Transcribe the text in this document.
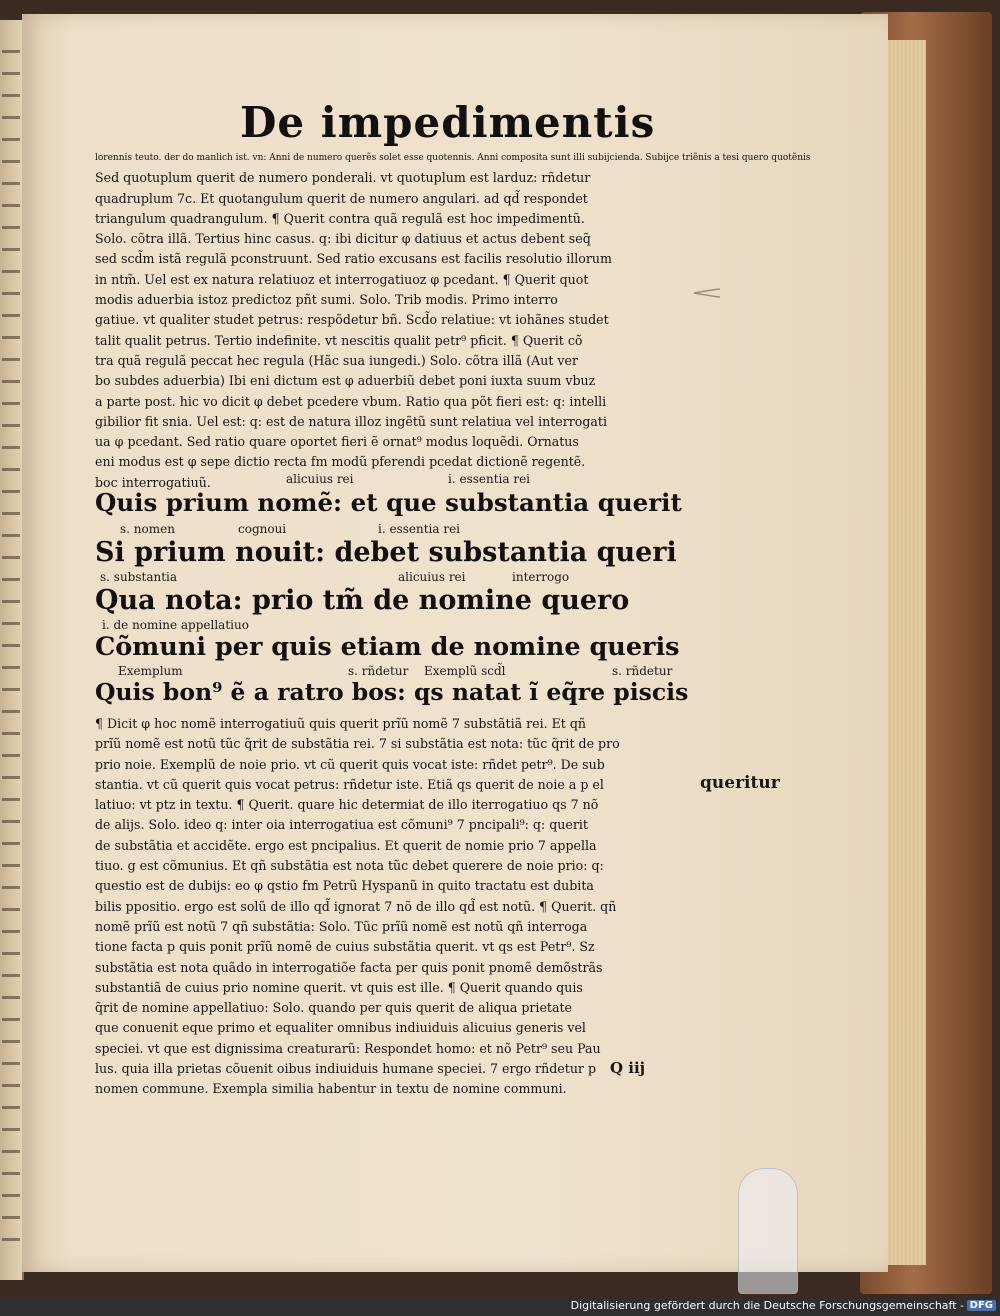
De impedimentis
lorennis teuto. der do manlich ist. vn: Anni de numero querẽs solet esse quotennis. Anni composita sunt illi subijcienda. Subijce triẽnis a tesi quero quotẽnis
Sed quotuplum querit de numero ponderali. vt quotuplum est larduz: rñdetur
quadruplum 7c. Et quotangulum querit de numero angulari. ad qd̃ respondet
triangulum quadrangulum. ¶ Querit contra quã regulã est hoc impedimentũ.
Solo. cõtra illã. Tertius hinc casus. q: ibi dicitur φ datiuus et actus debent seq̃
sed scd̃m istã regulã pconstruunt. Sed ratio excusans est facilis resolutio illorum
in ntm̃. Uel est ex natura relatiuoz et interrogatiuoz φ pcedant. ¶ Querit quot
modis aduerbia istoz predictoz pñt sumi. Solo. Trib modis. Primo interro
gatiue. vt qualiter studet petrus: respõdetur bñ. Scd̃o relatiue: vt iohãnes studet
talit qualit petrus. Tertio indefinite. vt nescitis qualit petr⁹ pficit. ¶ Querit cõ
tra quã regulã peccat hec regula (Hãc sua iungedi.) Solo. cõtra illã (Aut ver
bo subdes aduerbia) Ibi eni dictum est φ aduerbiũ debet poni iuxta suum vbuz
a parte post. hic vo dicit φ debet pcedere vbum. Ratio qua põt fieri est: q: intelli
gibilior fit snia. Uel est: q: est de natura illoz ingẽtũ sunt relatiua vel interrogati
ua φ pcedant. Sed ratio quare oportet fieri ẽ ornat⁹ modus loquẽdi. Ornatus
eni modus est φ sepe dictio recta fm modũ pferendi pcedat dictionẽ regentẽ.
boc interrogatiuũ.	alicuius rei	i. essentia rei
Quis prium nomẽ: et que substantia querit
s. nomen	cognoui	i. essentia rei
Si prium nouit: debet substantia queri
s. substantia	alicuius rei	interrogo
Qua nota: prio tm̃ de nomine quero
i. de nomine appellatiuo
Cõmuni per quis etiam de nomine queris
Exemplum	s. rñdetur Exemplũ scd̃l	s. rñdetur
Quis bon⁹ ẽ a ratro bos: qs natat ĩ eq̃re piscis
¶ Dicit φ hoc nomẽ interrogatiuũ quis querit prĩũ nomẽ 7 substãtiã rei. Et qñ
prĩũ nomẽ est notũ tũc q̃rit de substãtia rei. 7 si substãtia est nota: tũc q̃rit de pro
prio noie. Exemplũ de noie prio. vt cũ querit quis vocat iste: rñdet petr⁹. De sub
stantia. vt cũ querit quis vocat petrus: rñdetur iste. Etiã qs querit de noie a p el
latiuo: vt ptz in textu. ¶ Querit. quare hic determiat de illo iterrogatiuo qs 7 nõ
de alijs. Solo. ideo q: inter oia interrogatiua est cõmuni⁹ 7 pncipali⁹: q: querit
de substãtia et accidẽte. ergo est pncipalius. Et querit de nomie prio 7 appella
tiuo. g est cõmunius. Et qñ substãtia est nota tũc debet querere de noie prio: q:
questio est de dubijs: eo φ qstio fm Petrũ Hyspanũ in quito tractatu est dubita
bilis ppositio. ergo est solũ de illo qd̃ ignorat 7 nõ de illo qd̃ est notũ. ¶ Querit. qñ
nomẽ prĩũ est notũ 7 qñ substãtia: Solo. Tũc prĩũ nomẽ est notũ qñ interroga
tione facta p quis ponit prĩũ nomẽ de cuius substãtia querit. vt qs est Petr⁹. Sz
substãtia est nota quãdo in interrogatiõe facta per quis ponit pnomẽ demõstrãs
substantiã de cuius prio nomine querit. vt quis est ille. ¶ Querit quando quis
q̃rit de nomine appellatiuo: Solo. quando per quis querit de aliqua prietate
que conuenit eque primo et equaliter omnibus indiuiduis alicuius generis vel
speciei. vt que est dignissima creaturarũ: Respondet homo: et nõ Petr⁹ seu Pau
lus. quia illa prietas cõuenit oibus indiuiduis humane speciei. 7 ergo rñdetur p
nomen commune. Exempla similia habentur in textu de nomine communi.
queritur
Q iij
Digitalisierung gefördert durch die Deutsche Forschungsgemeinschaft - DFG
